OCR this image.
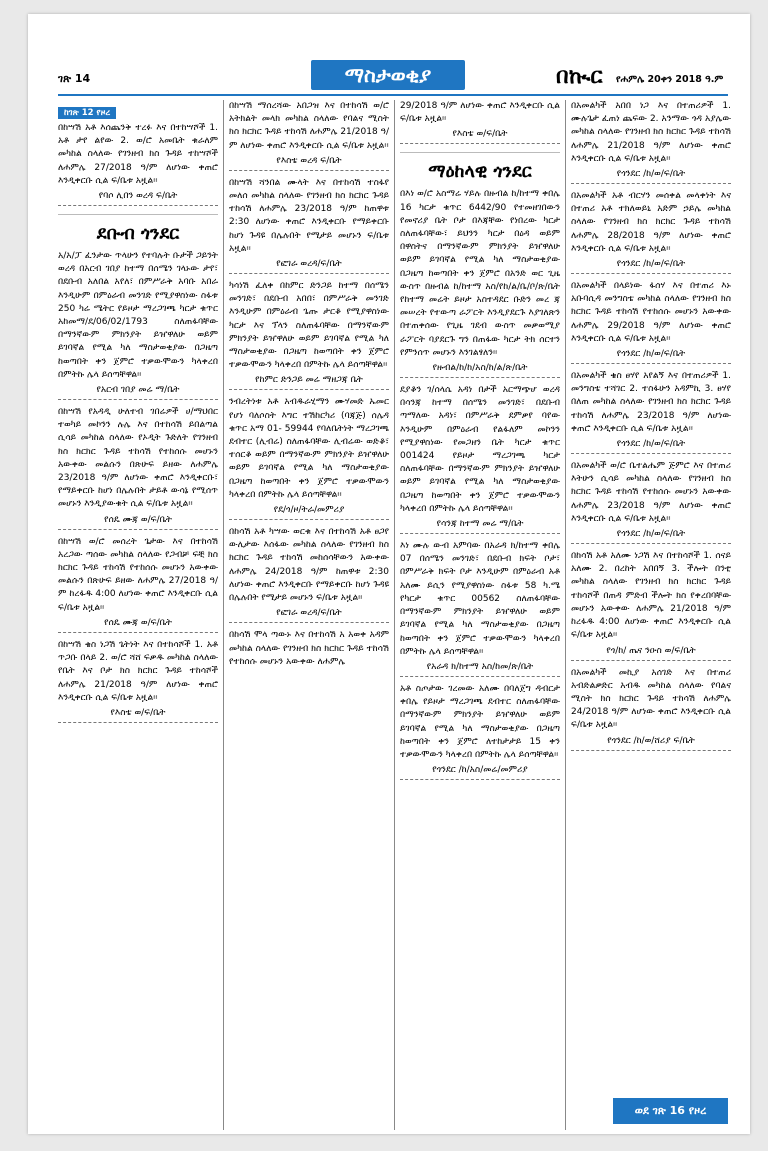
ገጽ 14	ማስታወቂያ	በኲር የሐምሌ 20ቀን 2018 ዓ.ም
ከገጽ 12 የዞረ

በከሣሽ አቶ እሰጨንቅ ተረፉ እና በተከሣሾች 1. አቶ ታየ ልየው 2. ወ/ሮ አመቤት ቁራለም መካከል ስላለው የገንዘብ ክስ ጉዳይ ተከሣሾች ለሐምሌ 27/2018 ዓ/ም ለሆነው ቀጠሮ እንዲቀርቡ ሲል ፍ/ቤቱ አዟል፡፡

የባሶ ሊበን ወረዳ ፍ/ቤት
ደቡብ ጎንደር

አ/አ/ፓ ፈንታው ጥላሁን የተባሉት ቡታች ጋይንት ወረዳ በአርብ ገበያ ከተማ በሰሜን ገላኑው ታየ፣ በደቡብ አለበል አየለ፣ በምሥራቅ አባቡ አበራ እንዲሁም በምዕራብ መንገድ የሚያዋስነው ስፋቱ 250 ካሬ ሜትር የይዞታ ማረጋገጫ ካርታ ቁጥር አከመማ/ደ/06/02/1793 ስለጠፋባቸው በማንኛውም ምክንያት ይዠዋለሁ ወይም ይገባኛል የሚል ካለ ማስታወቂያው በጋዜጣ ከወጣበት ቀን ጀምሮ ተቃውሞውን ካላቀረበ በምትኩ ሌላ ይሰጣቸዋል፡፡

የአርብ ገበያ መሬ ማ/ቤት

በከሣሽ የአዳዲ ሁለተብ ገበሬዎች ሀ/ማህበር ተወካይ መኮንን ሉሌ እና በተከሳሽ ይበልጣል ሲሳይ መካከል ስላለው የኦዲት ጉድለት የገንዘብ ክስ ክርክር ጉዳይ ተከሳሽ የተከሰሱ መሆኑን አውቀው መልሱን በጽሁፍ ይዘው ለሐምሌ 23/2018 ዓ/ም ለሆነው ቀጠሮ እንዲቀርቡ፣ የማይቀርቡ ከሆነ በሌሉበት ታይቶ ውሳኔ የሚሰጥ መሆኑን እንዲያውቁት ሲል ፍ/ቤቱ አዟል፡፡

የሰዴ ሙጃ ወ/ፍ/ቤት

በከሣሽ ወ/ሮ መሰረት ጌታው እና በተከሳሽ አረጋው ጣሰው መካከል ስላለው የጋብቻ ፍቺ ክስ ክርክር ጉዳይ ተከሳሽ የተከሰሱ መሆኑን አውቀው መልሱን በጽሁፍ ይዘው ለሐምሌ 27/2018 ዓ/ም ከረፋዱ 4:00 ለሆነው ቀጠሮ እንዲቀርቡ ሲል ፍ/ቤቱ አዟል፡፡

የሰዴ ሙጃ ወ/ፍ/ቤት

በከሣሽ ቄስ ነጋሽ ጌትነት እና በተከሳሾች 1. አቶ ጥጋቡ በላይ 2. ወ/ሮ ሻሸ ፍቃዱ መካከል ስላለው የቤት እና ቦታ ክስ ክርክር ጉዳይ ተከሳሾች ለሐምሌ 21/2018 ዓ/ም ለሆነው ቀጠሮ እንዲቀርቡ ሲል ፍ/ቤቱ አዟል፡፡

የእስቴ ወ/ፍ/ቤት

በከሣሽ ማሰረሻው አበጋዝ እና በተከሳሽ ወ/ሮ አትክልት መላክ መካከል ስላለው የባልና ሚስት ክስ ክርክር ጉዳይ ተከሳሽ ለሐምሌ 21/2018 ዓ/ም ለሆነው ቀጠሮ እንዲቀርቡ ሲል ፍ/ቤቱ አዟል፡፡

የእስቴ ወረዳ ፍ/ቤት

በከሣሽ ሻንበል ሙላት እና በተከሳሽ ተስፋየ መለሰ መካከል ስላለው የገንዘብ ክስ ክርክር ጉዳይ ተከሳሽ ለሐምሌ 23/2018 ዓ/ም ከጠዋቱ 2:30 ለሆነው ቀጠሮ እንዲቀርቡ የማይቀርቡ ከሆነ ጉዳዩ በሌሉበት የሚታይ መሆኑን ፍ/ቤቱ አዟል፡፡

የፎገራ ወረዳ/ፍ/ቤት

ካሳነሽ ፈለቀ በከምር ድንጋይ ከተማ በሰሜን መንገድ፣ በደቡብ አበበ፣ በምሥራቅ መንገድ እንዲሁም በምዕራብ ጌጡ ታርቆ የሚያዋስነው ካርታ እና ፕላን ስለጠፋባቸው በማንኛውም ምክንያት ይዠዋለሁ ወይም ይገባኛል የሚል ካለ ማስታወቂያው በጋዜጣ ከወጣበት ቀን ጀምሮ ተቃውሞውን ካላቀረበ በምትኩ ሌላ ይሰጣቸዋል፡፡

የከምር ድንጋይ መሬ ማዘጋጃ ቤት

ንብረትነቱ አቶ አብዱራሂማን ሙሃመድ ኡመር የሆነ ባለሶስት እግር ተሽከርካሪ (ባጃጅ) ሰሌዳ ቁጥር አማ 01- 59944 የባለቤትነት ማረጋገጫ ደብተር (ሊብሬ) ስለጠፋባቸው ሊብሬው ወድቆ፣ ተሰርቆ ወይም በማንኛውም ምክንያት ይዠዋለሁ ወይም ይገባኛል የሚል ካለ ማስታወቂያው በጋዜጣ ከወጣበት ቀን ጀምሮ ተቃውሞውን ካላቀረበ በምትኩ ሌላ ይሰጣቸዋል፡፡

የደ/ጎ/ዞ/ትራ/መምሪያ

በከሳሽ አቶ ካሣው ወርቁ እና በተከሳሽ አቶ ፀጋየ ውሊታው እሰፋው መካከል ስላለው የገንዘብ ክስ ክርክር ጉዳይ ተከሳሽ መከሰሳቸውን አውቀው ለሐምሌ 24/2018 ዓ/ም ከጠዋቱ 2:30 ለሆነው ቀጠሮ እንዲቀርቡ የማይቀርቡ ከሆነ ጉዳዩ በሌሉበት የሚታይ መሆኑን ፍ/ቤቱ አዟል፡፡

የፎገራ ወረዳ/ፍ/ቤት

በከሳሽ ሞላ ጣውኑ እና በተከሳሽ አ አወቀ አዳም መካከል ስላለው የገንዘብ ክስ ክርክር ጉዳይ ተከሳሽ የተከሰሱ መሆኑን አውቀው ለሐምሌ

29/2018 ዓ/ም ለሆነው ቀጠሮ እንዲቀርቡ ሲል ፍ/ቤቱ አዟል፡፡

የእስቴ ወ/ፍ/ቤት
ማዕከላዊ ጎንደር

በእነ ወ/ሮ አስማሬ ሃይሉ በዙብል ከ/ከተማ ቀበሌ 16 ካርታ ቁጥር 6442/90 የተመዘገበውን የመኖሪያ ቤት ቦታ በእጃቸው የነበረው ካርታ ስለጠፋባቸው፣ ይህንን ካርታ በዕዳ ወይም በዋስትና በማንኛውም ምክንያት ይዠዋለሁ ወይም ይገባኛል የሚል ካለ ማስታወቂያው በጋዜጣ ከወጣበት ቀን ጀምሮ በአንድ ወር ጊዜ ውስጥ በዙብል ከ/ከተማ አስ/የከ/ል/ቤ/ቦ/ጽ/ቤት የከተማ መሬት ይዞታ አስተዳደር ቡድን መረ ጃ መሠረት የተውጣ ራፖርት እንዲያደርጉ እያገለጽን በተጠቀሰው የጊዜ ገደብ ውስጥ መቃወሚያ ራፖርት ባያደርጉ ግን በጠፋው ካርታ ትክ ሰርተን የምንሰጥ መሆኑን እንገልፃለን፡፡

የዙብል/ከ/ከ/አስ/ከ/ል/ጽ/ቤት

ደያቆን ገ/ሰላሴ አዳነ በታች አርማጭሆ ወረዳ በሳንጃ ከተማ በሰሜን መንገድ፣ በደቡብ ጣማለው አዳነ፣ በምሥራቅ ደምቃየ ባየው እንዲሁም በምዕራብ የልፋለም መኮንን የሚያዋስነው የመጋዘን ቤት ካርታ ቁጥር 001424 የይዞታ ማረጋገጫ ካርታ ስለጠፋባቸው በማንኛውም ምክንያት ይዠዋለሁ ወይም ይገባኛል የሚል ካለ ማስታወቂያው በጋዜጣ ከወጣበት ቀን ጀምሮ ተቃውሞውን ካላቀረበ በምትኩ ሌላ ይሰጣቸዋል፡፡

የሳንጃ ከተማ መሬ ማ/ቤት

እነ ሙሉ ውብ አምባው በአራዳ ክ/ከተማ ቀበሌ 07 በሰሜን መንገድ፣ በደቡብ ክፍት ቦታ፣ በምሥራቅ ክፍት ቦታ እንዲሁም በምዕራብ አቶ አለሙ ይሲን የሚያዋስነው ስፋቱ 58 ካ.ሜ የካርታ ቁጥር 00562 ስለጠፋባቸው በማንኛውም ምክንያት ይዠዋለሁ ወይም ይገባኛል የሚል ካለ ማስታወቂያው በጋዜጣ ከወጣበት ቀን ጀምሮ ተቃውሞውን ካላቀረበ በምትኩ ሌላ ይሰጣቸዋል፡፡

የአራዳ ክ/ከተማ አስ/ከመ/ጽ/ቤት

አቶ ስጦታው ገረመው አለሙ በባለጀግ ዳብርታ ቀበሌ የይዞታ ማረጋገጫ ደብተር ስለጠፋባቸው በማንኛውም ምክንያት ይዠዋለሁ ወይም ይገባኛል የሚል ካለ ማስታወቂያው በጋዜጣ ከወጣበት ቀን ጀምሮ ለተከታታይ 15 ቀን ተቃውሞውን ካላቀረበ በምትኩ ሌላ ይሰጣቸዋል፡፡

የጎንደር /ከ/አስ/መሬ/መምሪያ

በአመልካች አበበ ነጋ እና በተጠሪዎች 1. ሙሉጌታ ፈጠነ ጨፍው 2. አንማው ጎዳ አያሌው መካከል ስላለው የገንዘብ ክስ ክርክር ጉዳይ ተከሳሽ ለሐምሌ 21/2018 ዓ/ም ለሆነው ቀጠሮ እንዲቀርቡ ሲል ፍ/ቤቱ አዟል፡፡

የጎንደር /ከ/ወ/ፍ/ቤት

በአመልካች አቶ ብርሃን መሰቀል መላቀነት እና በተጠሪ አቶ ተክለወይኒ አድም ኃይሌ መካከል ስላለው የገንዘብ ክስ ክርክር ጉዳይ ተከሳሽ ለሐምሌ 28/2018 ዓ/ም ለሆነው ቀጠሮ እንዲቀርቡ ሲል ፍ/ቤቱ አዟል፡፡

የጎንደር /ከ/ወ/ፍ/ቤት

በአመልካች በላይነው ፋሰሃ እና በተጠሪ እኑ አቡባሲዳ መንግስቴ መካከል ስላለው የገንዘብ ክስ ክርክር ጉዳይ ተከሳሽ የተከሰሱ መሆኑን አውቀው ለሐምሌ 29/2018 ዓ/ም ለሆነው ቀጠሮ እንዲቀርቡ ሲል ፍ/ቤቱ አዟል፡፡

የጎንደር /ከ/ወ/ፍ/ቤት

በአመልካች ቄስ ፀሃየ አየልኝ እና በተጠሪዎች 1. መንግስቴ ተሻገር 2. ተስፋሁን አዳምኪ 3. ፀሃየ በለጠ መካከል ስላለው የገንዘብ ክስ ክርክር ጉዳይ ተከሳሽ ለሐምሌ 23/2018 ዓ/ም ለሆነው ቀጠሮ እንዲቀርቡ ሲል ፍ/ቤቱ አዟል፡፡

የጎንደር /ከ/ወ/ፍ/ቤት

በአመልካች ወ/ሮ ቤተልሔም ጅምሮ እና በተጠሪ እትሁን ሲሳይ መካከል ስላለው የገንዘብ ክስ ክርክር ጉዳይ ተከሳሽ የተከሰሱ መሆኑን አውቀው ለሐምሌ 23/2018 ዓ/ም ለሆነው ቀጠሮ እንዲቀርቡ ሲል ፍ/ቤቱ አዟል፡፡

የጎንደር /ከ/ወ/ፍ/ቤት

በከሳሽ አቶ አለሙ ነጋሽ እና በተከሳሾች 1. ሰናይ አለሙ 2. በረከት አበበኝ 3. ችሎት በንቲ መካከል ስላለው የገንዘብ ክስ ክርክር ጉዳይ ተከሳሾች በጠዳ ምድብ ችሎት ክስ የቀረበባቸው መሆኑን አውቀው ለሐምሌ 21/2018 ዓ/ም ከረፋዱ 4:00 ለሆነው ቀጠሮ እንዲቀርቡ ሲል ፍ/ቤቱ አዟል፡፡

የጎ/ከ/ ጤና ንዑስ ወ/ፍ/ቤት

በአመልካች መኪያ አሰገድ እና በተጠሪ አብድልቃድር አብዱ መካከል ስላለው የባልና ሚስት ክስ ክርክር ጉዳይ ተከሳሽ ለሐምሌ 24/2018 ዓ/ም ለሆነው ቀጠሮ እንዲቀርቡ ሲል ፍ/ቤቱ አዟል፡፡

የጎንደር /ከ/ወ/ሸሪያ ፍ/ቤት
ወደ ገጽ 16 የዞረ
